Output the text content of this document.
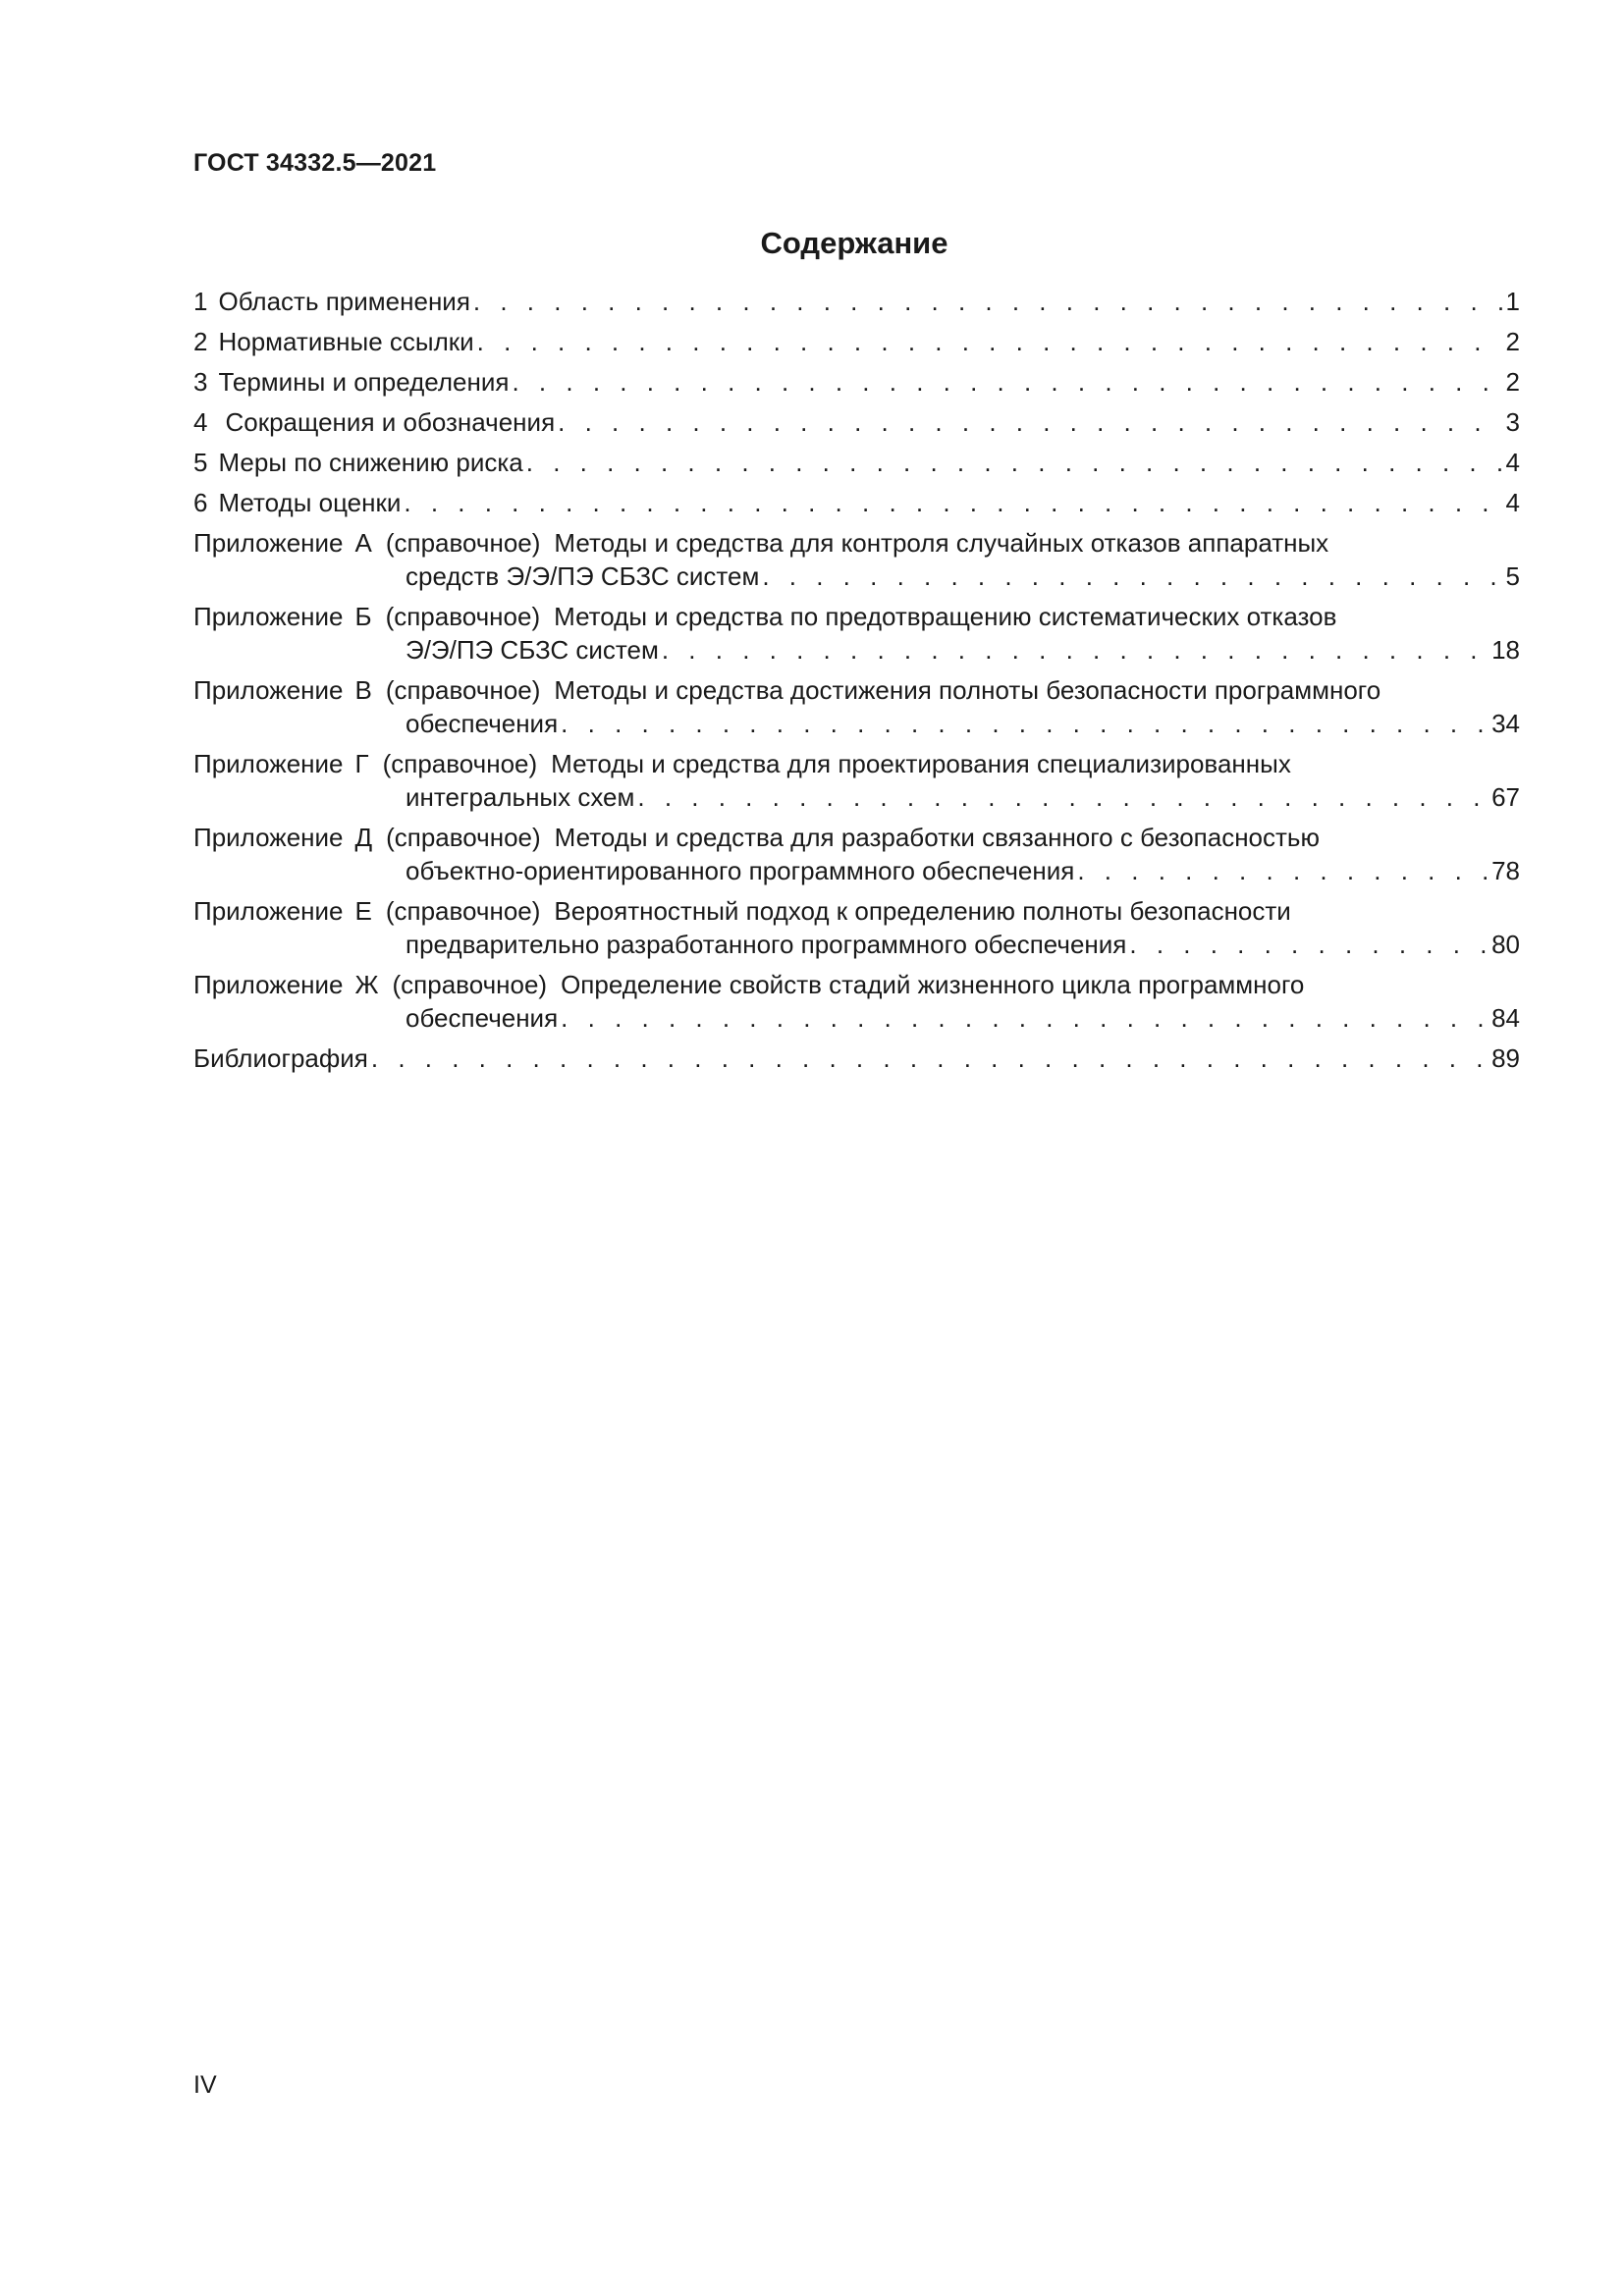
ГОСТ 34332.5—2021
Содержание
1 Область применения . . .	1
2 Нормативные ссылки . . .	2
3 Термины и определения . . .	2
4 Сокращения и обозначения . . .	3
5 Меры по снижению риска . . .	4
6 Методы оценки . . .	4
Приложение А (справочное) Методы и средства для контроля случайных отказов аппаратных
средств Э/Э/ПЭ СБЗС систем . . .	5
Приложение Б (справочное) Методы и средства по предотвращению систематических отказов
Э/Э/ПЭ СБЗС систем . . .	18
Приложение В (справочное) Методы и средства достижения полноты безопасности программного
обеспечения . . .	34
Приложение Г (справочное) Методы и средства для проектирования специализированных
интегральных схем . . .	67
Приложение Д (справочное) Методы и средства для разработки связанного с безопасностью
объектно-ориентированного программного обеспечения . . .	78
Приложение Е (справочное) Вероятностный подход к определению полноты безопасности
предварительно разработанного программного обеспечения . . .	80
Приложение Ж (справочное) Определение свойств стадий жизненного цикла программного
обеспечения . . .	84
Библиография . . .	89
IV
